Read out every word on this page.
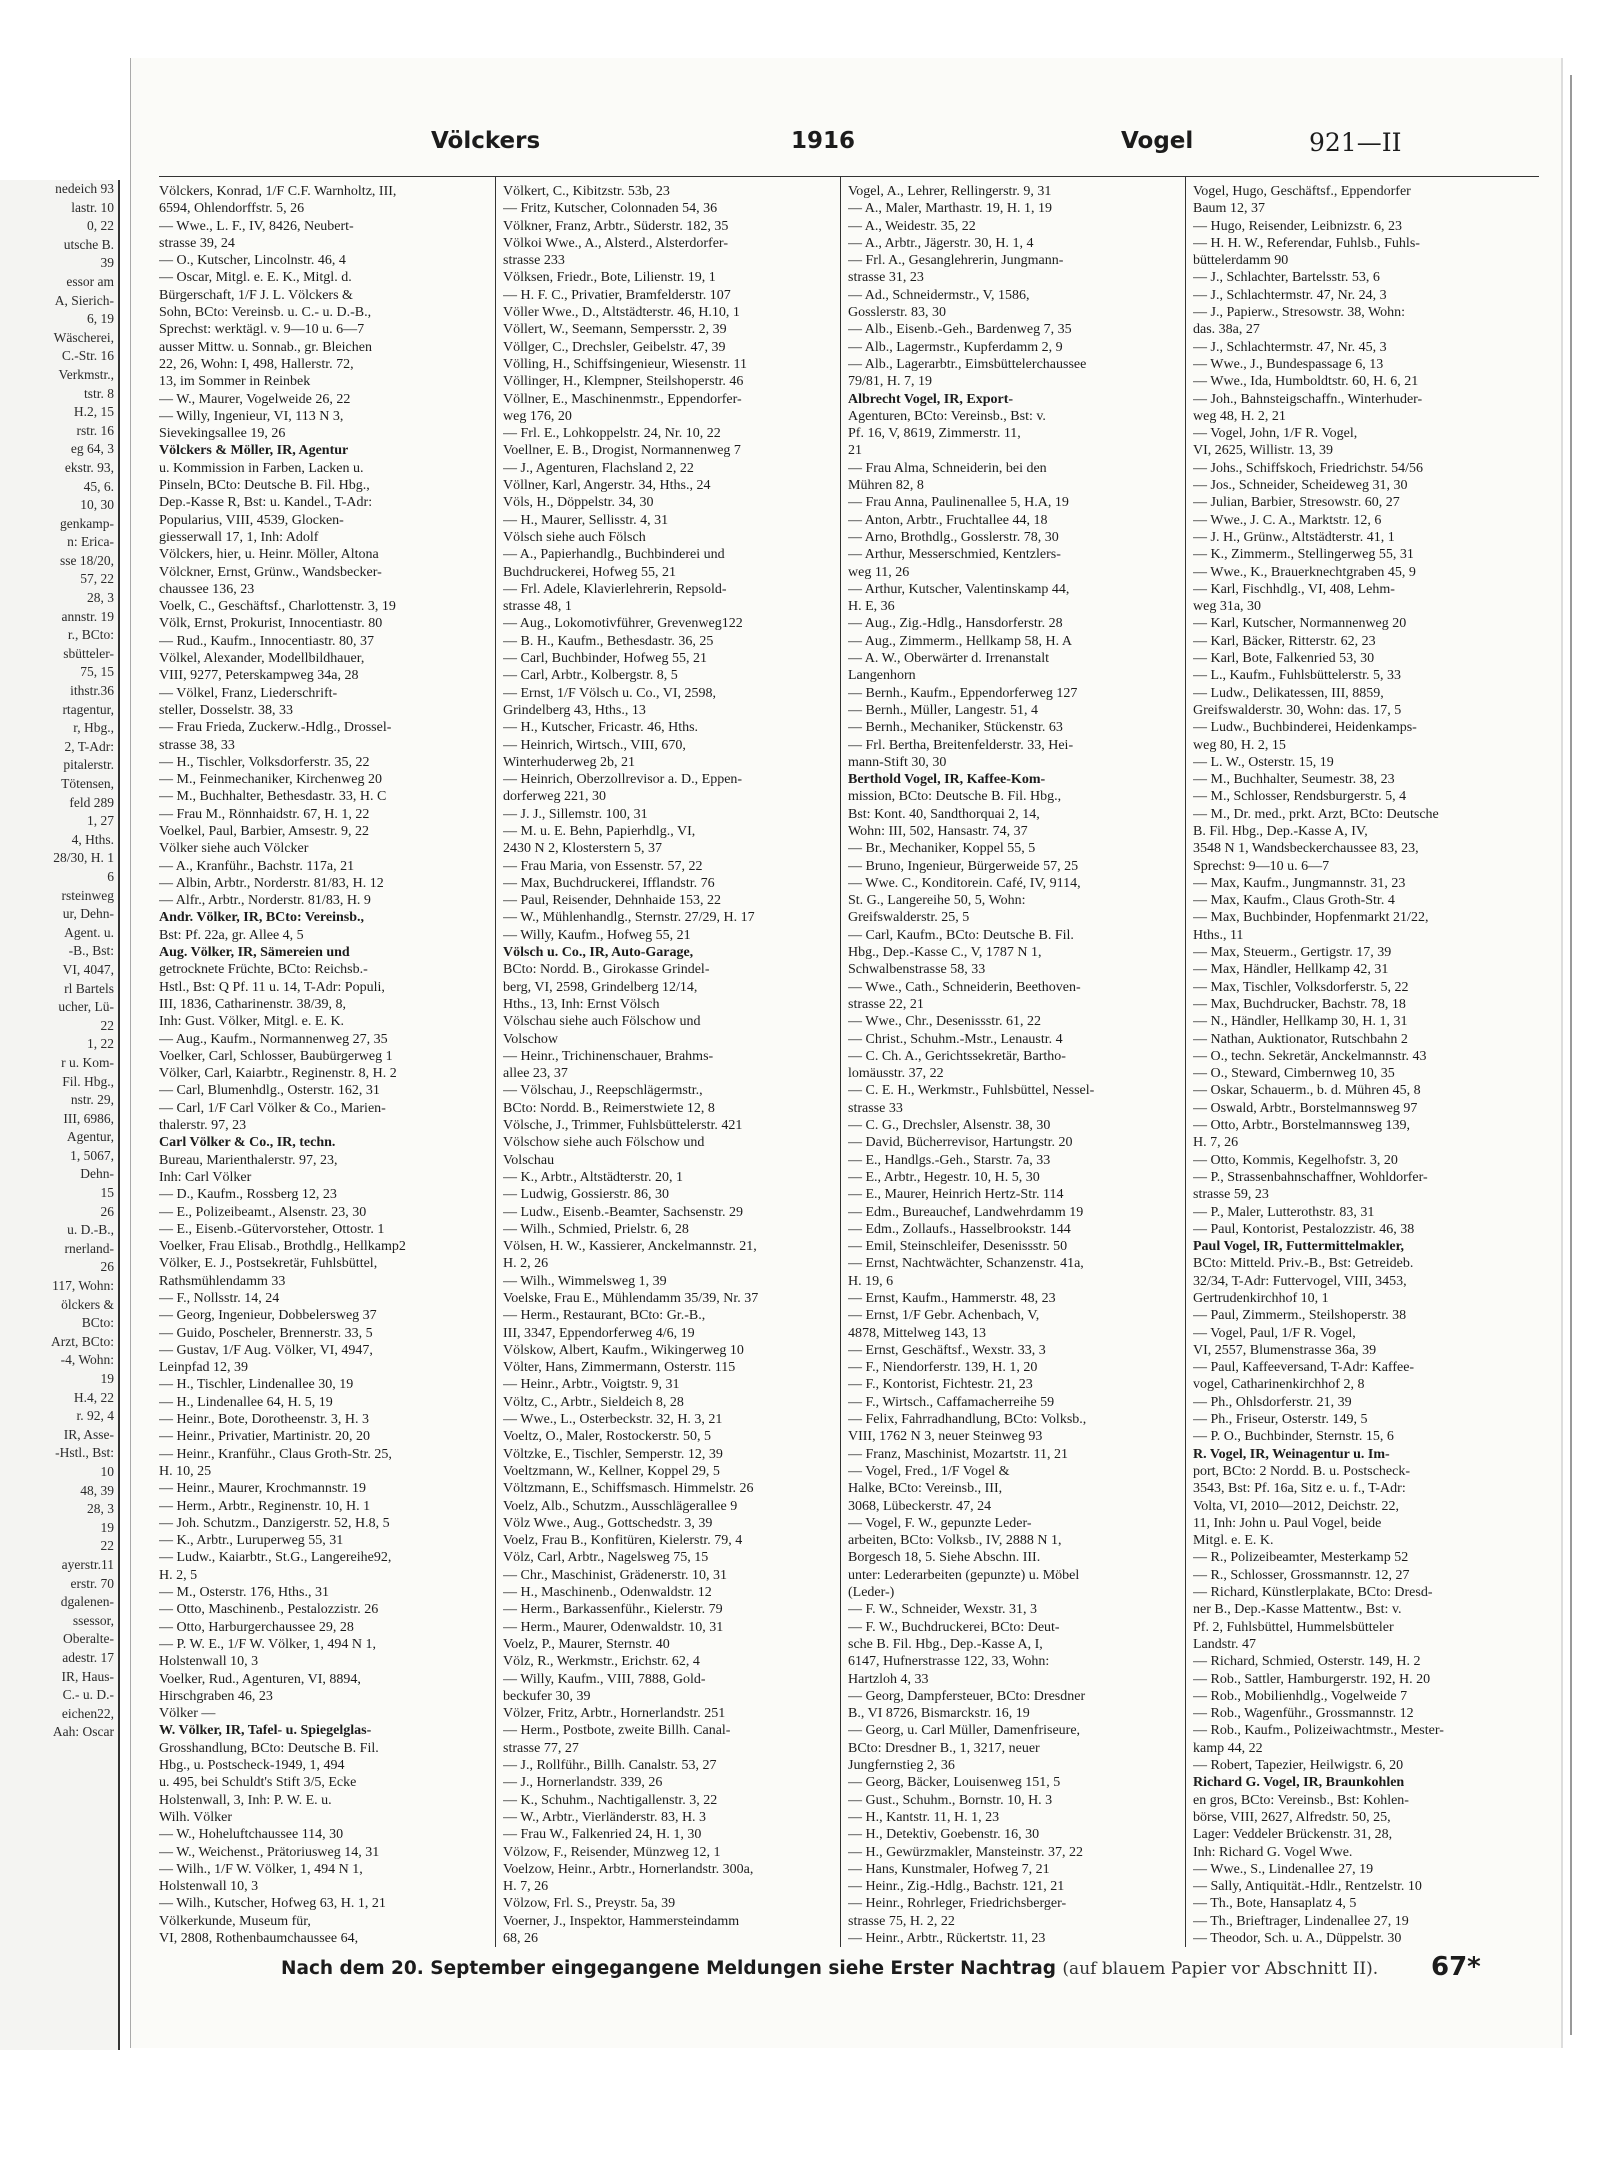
nedeich 93
lastr. 10
0, 22
utsche B.
39
essor am
A, Sierich-
6, 19
Wäscherei,
C.-Str. 16
Verkmstr.,
tstr. 8
H.2, 15
rstr. 16
eg 64, 3
ekstr. 93,
45, 6.
10, 30
genkamp-
n: Erica-
sse 18/20,
57, 22
28, 3
annstr. 19
r., BCto:
sbütteler-
75, 15
ithstr.36
rtagentur,
r, Hbg.,
2, T-Adr:
pitalerstr.
Tötensen,
feld 289
1, 27
4, Hths.
28/30, H. 1
6
rsteinweg
ur, Dehn-
Agent. u.
-B., Bst:
VI, 4047,
rl Bartels
ucher, Lü-
22
1, 22
r u. Kom-
Fil. Hbg.,
nstr. 29,
III, 6986,
Agentur,
1, 5067,
Dehn-
15
26
u. D.-B.,
rnerland-
26
117, Wohn:
ölckers &
BCto:
Arzt, BCto:
-4, Wohn:
19
H.4, 22
r. 92, 4
IR, Asse-
-Hstl., Bst:
10
48, 39
28, 3
19
22
ayerstr.11
erstr. 70
dgalenen-
ssessor,
Oberalte-
adestr. 17
IR, Haus-
C.- u. D.-
eichen22,
Aah: Oscar
Völckers	1916	Vogel	921—II
Völckers, Konrad, 1/F C.F. Warnholtz, III,
6594, Ohlendorffstr. 5, 26
— Wwe., L. F., IV, 8426, Neubert-
strasse 39, 24
— O., Kutscher, Lincolnstr. 46, 4
— Oscar, Mitgl. e. E. K., Mitgl. d.
Bürgerschaft, 1/F J. L. Völckers &
Sohn, BCto: Vereinsb. u. C.- u. D.-B.,
Sprechst: werktägl. v. 9—10 u. 6—7
ausser Mittw. u. Sonnab., gr. Bleichen
22, 26, Wohn: I, 498, Hallerstr. 72,
13, im Sommer in Reinbek
— W., Maurer, Vogelweide 26, 22
— Willy, Ingenieur, VI, 113 N 3,
Sievekingsallee 19, 26
Völckers & Möller, IR, Agentur
u. Kommission in Farben, Lacken u.
Pinseln, BCto: Deutsche B. Fil. Hbg.,
Dep.-Kasse R, Bst: u. Kandel., T-Adr:
Popularius, VIII, 4539, Glocken-
giesserwall 17, 1, Inh: Adolf
Völckers, hier, u. Heinr. Möller, Altona
Völckner, Ernst, Grünw., Wandsbecker-
chaussee 136, 23
Voelk, C., Geschäftsf., Charlottenstr. 3, 19
Völk, Ernst, Prokurist, Innocentiastr. 80
— Rud., Kaufm., Innocentiastr. 80, 37
Völkel, Alexander, Modellbildhauer,
VIII, 9277, Peterskampweg 34a, 28
— Völkel, Franz, Liederschrift-
steller, Dosselstr. 38, 33
— Frau Frieda, Zuckerw.-Hdlg., Drossel-
strasse 38, 33
— H., Tischler, Volksdorferstr. 35, 22
— M., Feinmechaniker, Kirchenweg 20
— M., Buchhalter, Bethesdastr. 33, H. C
— Frau M., Rönnhaidstr. 67, H. 1, 22
Voelkel, Paul, Barbier, Amsestr. 9, 22
Völker siehe auch Völcker
— A., Kranführ., Bachstr. 117a, 21
— Albin, Arbtr., Norderstr. 81/83, H. 12
— Alfr., Arbtr., Norderstr. 81/83, H. 9
Andr. Völker, IR, BCto: Vereinsb.,
Bst: Pf. 22a, gr. Allee 4, 5
Aug. Völker, IR, Sämereien und
getrocknete Früchte, BCto: Reichsb.-
Hstl., Bst: Q Pf. 11 u. 14, T-Adr: Populi,
III, 1836, Catharinenstr. 38/39, 8,
Inh: Gust. Völker, Mitgl. e. E. K.
— Aug., Kaufm., Normannenweg 27, 35
Voelker, Carl, Schlosser, Baubürgerweg 1
Völker, Carl, Kaiarbtr., Reginenstr. 8, H. 2
— Carl, Blumenhdlg., Osterstr. 162, 31
— Carl, 1/F Carl Völker & Co., Marien-
thalerstr. 97, 23
Carl Völker & Co., IR, techn.
Bureau, Marienthalerstr. 97, 23,
Inh: Carl Völker
— D., Kaufm., Rossberg 12, 23
— E., Polizeibeamt., Alsenstr. 23, 30
— E., Eisenb.-Gütervorsteher, Ottostr. 1
Voelker, Frau Elisab., Brothdlg., Hellkamp2
Völker, E. J., Postsekretär, Fuhlsbüttel,
Rathsmühlendamm 33
— F., Nollsstr. 14, 24
— Georg, Ingenieur, Dobbelersweg 37
— Guido, Poscheler, Brennerstr. 33, 5
— Gustav, 1/F Aug. Völker, VI, 4947,
Leinpfad 12, 39
— H., Tischler, Lindenallee 30, 19
— H., Lindenallee 64, H. 5, 19
— Heinr., Bote, Dorotheenstr. 3, H. 3
— Heinr., Privatier, Martinistr. 20, 20
— Heinr., Kranführ., Claus Groth-Str. 25,
H. 10, 25
— Heinr., Maurer, Krochmannstr. 19
— Herm., Arbtr., Reginenstr. 10, H. 1
— Joh. Schutzm., Danzigerstr. 52, H.8, 5
— K., Arbtr., Luruperweg 55, 31
— Ludw., Kaiarbtr., St.G., Langereihe92,
H. 2, 5
— M., Osterstr. 176, Hths., 31
— Otto, Maschinenb., Pestalozzistr. 26
— Otto, Harburgerchaussee 29, 28
— P. W. E., 1/F W. Völker, 1, 494 N 1,
Holstenwall 10, 3
Voelker, Rud., Agenturen, VI, 8894,
Hirschgraben 46, 23
Völker —
W. Völker, IR, Tafel- u. Spiegelglas-
Grosshandlung, BCto: Deutsche B. Fil.
Hbg., u. Postscheck-1949, 1, 494
u. 495, bei Schuldt's Stift 3/5, Ecke
Holstenwall, 3, Inh: P. W. E. u.
Wilh. Völker
— W., Hoheluftchaussee 114, 30
— W., Weichenst., Prätoriusweg 14, 31
— Wilh., 1/F W. Völker, 1, 494 N 1,
Holstenwall 10, 3
— Wilh., Kutscher, Hofweg 63, H. 1, 21
Völkerkunde, Museum für,
VI, 2808, Rothenbaumchaussee 64,
Völkert, C., Kibitzstr. 53b, 23
— Fritz, Kutscher, Colonnaden 54, 36
Völkner, Franz, Arbtr., Süderstr. 182, 35
Völkoi Wwe., A., Alsterd., Alsterdorfer-
strasse 233
Völksen, Friedr., Bote, Lilienstr. 19, 1
— H. F. C., Privatier, Bramfelderstr. 107
Völler Wwe., D., Altstädterstr. 46, H.10, 1
Völlert, W., Seemann, Sempersstr. 2, 39
Völlger, C., Drechsler, Geibelstr. 47, 39
Völling, H., Schiffsingenieur, Wiesenstr. 11
Völlinger, H., Klempner, Steilshoperstr. 46
Völlner, E., Maschinenmstr., Eppendorfer-
weg 176, 20
— Frl. E., Lohkoppelstr. 24, Nr. 10, 22
Voellner, E. B., Drogist, Normannenweg 7
— J., Agenturen, Flachsland 2, 22
Völlner, Karl, Angerstr. 34, Hths., 24
Völs, H., Döppelstr. 34, 30
— H., Maurer, Sellisstr. 4, 31
Völsch siehe auch Fölsch
— A., Papierhandlg., Buchbinderei und
Buchdruckerei, Hofweg 55, 21
— Frl. Adele, Klavierlehrerin, Repsold-
strasse 48, 1
— Aug., Lokomotivführer, Grevenweg122
— B. H., Kaufm., Bethesdastr. 36, 25
— Carl, Buchbinder, Hofweg 55, 21
— Carl, Arbtr., Kolbergstr. 8, 5
— Ernst, 1/F Völsch u. Co., VI, 2598,
Grindelberg 43, Hths., 13
— H., Kutscher, Fricastr. 46, Hths.
— Heinrich, Wirtsch., VIII, 670,
Winterhuderweg 2b, 21
— Heinrich, Oberzollrevisor a. D., Eppen-
dorferweg 221, 30
— J. J., Sillemstr. 100, 31
— M. u. E. Behn, Papierhdlg., VI,
2430 N 2, Klosterstern 5, 37
— Frau Maria, von Essenstr. 57, 22
— Max, Buchdruckerei, Ifflandstr. 76
— Paul, Reisender, Dehnhaide 153, 22
— W., Mühlenhandlg., Sternstr. 27/29, H. 17
— Willy, Kaufm., Hofweg 55, 21
Völsch u. Co., IR, Auto-Garage,
BCto: Nordd. B., Girokasse Grindel-
berg, VI, 2598, Grindelberg 12/14,
Hths., 13, Inh: Ernst Völsch
Völschau siehe auch Fölschow und
Volschow
— Heinr., Trichinenschauer, Brahms-
allee 23, 37
— Völschau, J., Reepschlägermstr.,
BCto: Nordd. B., Reimerstwiete 12, 8
Völsche, J., Trimmer, Fuhlsbüttelerstr. 421
Völschow siehe auch Fölschow und
Volschau
— K., Arbtr., Altstädterstr. 20, 1
— Ludwig, Gossierstr. 86, 30
— Ludw., Eisenb.-Beamter, Sachsenstr. 29
— Wilh., Schmied, Prielstr. 6, 28
Völsen, H. W., Kassierer, Anckelmannstr. 21,
H. 2, 26
— Wilh., Wimmelsweg 1, 39
Voelske, Frau E., Mühlendamm 35/39, Nr. 37
— Herm., Restaurant, BCto: Gr.-B.,
III, 3347, Eppendorferweg 4/6, 19
Völskow, Albert, Kaufm., Wikingerweg 10
Völter, Hans, Zimmermann, Osterstr. 115
— Heinr., Arbtr., Voigtstr. 9, 31
Völtz, C., Arbtr., Sieldeich 8, 28
— Wwe., L., Osterbeckstr. 32, H. 3, 21
Voeltz, O., Maler, Rostockerstr. 50, 5
Völtzke, E., Tischler, Semperstr. 12, 39
Voeltzmann, W., Kellner, Koppel 29, 5
Völtzmann, E., Schiffsmasch. Himmelstr. 26
Voelz, Alb., Schutzm., Ausschlägerallee 9
Völz Wwe., Aug., Gottschedstr. 3, 39
Voelz, Frau B., Konfitüren, Kielerstr. 79, 4
Völz, Carl, Arbtr., Nagelsweg 75, 15
— Chr., Maschinist, Grädenerstr. 10, 31
— H., Maschinenb., Odenwaldstr. 12
— Herm., Barkassenführ., Kielerstr. 79
— Herm., Maurer, Odenwaldstr. 10, 31
Voelz, P., Maurer, Sternstr. 40
Völz, R., Werkmstr., Erichstr. 62, 4
— Willy, Kaufm., VIII, 7888, Gold-
beckufer 30, 39
Völzer, Fritz, Arbtr., Hornerlandstr. 251
— Herm., Postbote, zweite Billh. Canal-
strasse 77, 27
— J., Rollführ., Billh. Canalstr. 53, 27
— J., Hornerlandstr. 339, 26
— K., Schuhm., Nachtigallenstr. 3, 22
— W., Arbtr., Vierländerstr. 83, H. 3
— Frau W., Falkenried 24, H. 1, 30
Völzow, F., Reisender, Münzweg 12, 1
Voelzow, Heinr., Arbtr., Hornerlandstr. 300a,
H. 7, 26
Völzow, Frl. S., Preystr. 5a, 39
Voerner, J., Inspektor, Hammersteindamm
68, 26
Vogel, A., Lehrer, Rellingerstr. 9, 31
— A., Maler, Marthastr. 19, H. 1, 19
— A., Weidestr. 35, 22
— A., Arbtr., Jägerstr. 30, H. 1, 4
— Frl. A., Gesanglehrerin, Jungmann-
strasse 31, 23
— Ad., Schneidermstr., V, 1586,
Gosslerstr. 83, 30
— Alb., Eisenb.-Geh., Bardenweg 7, 35
— Alb., Lagermstr., Kupferdamm 2, 9
— Alb., Lagerarbtr., Eimsbüttelerchaussee
79/81, H. 7, 19
Albrecht Vogel, IR, Export-
Agenturen, BCto: Vereinsb., Bst: v.
Pf. 16, V, 8619, Zimmerstr. 11,
21
— Frau Alma, Schneiderin, bei den
Mühren 82, 8
— Frau Anna, Paulinenallee 5, H.A, 19
— Anton, Arbtr., Fruchtallee 44, 18
— Arno, Brothdlg., Gosslerstr. 78, 30
— Arthur, Messerschmied, Kentzlers-
weg 11, 26
— Arthur, Kutscher, Valentinskamp 44,
H. E, 36
— Aug., Zig.-Hdlg., Hansdorferstr. 28
— Aug., Zimmerm., Hellkamp 58, H. A
— A. W., Oberwärter d. Irrenanstalt
Langenhorn
— Bernh., Kaufm., Eppendorferweg 127
— Bernh., Müller, Langestr. 51, 4
— Bernh., Mechaniker, Stückenstr. 63
— Frl. Bertha, Breitenfelderstr. 33, Hei-
mann-Stift 30, 30
Berthold Vogel, IR, Kaffee-Kom-
mission, BCto: Deutsche B. Fil. Hbg.,
Bst: Kont. 40, Sandthorquai 2, 14,
Wohn: III, 502, Hansastr. 74, 37
— Br., Mechaniker, Koppel 55, 5
— Bruno, Ingenieur, Bürgerweide 57, 25
— Wwe. C., Konditorein. Café, IV, 9114,
St. G., Langereihe 50, 5, Wohn:
Greifswalderstr. 25, 5
— Carl, Kaufm., BCto: Deutsche B. Fil.
Hbg., Dep.-Kasse C., V, 1787 N 1,
Schwalbenstrasse 58, 33
— Wwe., Cath., Schneiderin, Beethoven-
strasse 22, 21
— Wwe., Chr., Desenissstr. 61, 22
— Christ., Schuhm.-Mstr., Lenaustr. 4
— C. Ch. A., Gerichtssekretär, Bartho-
lomäusstr. 37, 22
— C. E. H., Werkmstr., Fuhlsbüttel, Nessel-
strasse 33
— C. G., Drechsler, Alsenstr. 38, 30
— David, Bücherrevisor, Hartungstr. 20
— E., Handlgs.-Geh., Starstr. 7a, 33
— E., Arbtr., Hegestr. 10, H. 5, 30
— E., Maurer, Heinrich Hertz-Str. 114
— Edm., Bureauchef, Landwehrdamm 19
— Edm., Zollaufs., Hasselbrookstr. 144
— Emil, Steinschleifer, Desenissstr. 50
— Ernst, Nachtwächter, Schanzenstr. 41a,
H. 19, 6
— Ernst, Kaufm., Hammerstr. 48, 23
— Ernst, 1/F Gebr. Achenbach, V,
4878, Mittelweg 143, 13
— Ernst, Geschäftsf., Wexstr. 33, 3
— F., Niendorferstr. 139, H. 1, 20
— F., Kontorist, Fichtestr. 21, 23
— F., Wirtsch., Caffamacherreihe 59
— Felix, Fahrradhandlung, BCto: Volksb.,
VIII, 1762 N 3, neuer Steinweg 93
— Franz, Maschinist, Mozartstr. 11, 21
— Vogel, Fred., 1/F Vogel &
Halke, BCto: Vereinsb., III,
3068, Lübeckerstr. 47, 24
— Vogel, F. W., gepunzte Leder-
arbeiten, BCto: Volksb., IV, 2888 N 1,
Borgesch 18, 5. Siehe Abschn. III.
unter: Lederarbeiten (gepunzte) u. Möbel
(Leder-)
— F. W., Schneider, Wexstr. 31, 3
— F. W., Buchdruckerei, BCto: Deut-
sche B. Fil. Hbg., Dep.-Kasse A, I,
6147, Hufnerstrasse 122, 33, Wohn:
Hartzloh 4, 33
— Georg, Dampfersteuer, BCto: Dresdner
B., VI 8726, Bismarckstr. 16, 19
— Georg, u. Carl Müller, Damenfriseure,
BCto: Dresdner B., 1, 3217, neuer
Jungfernstieg 2, 36
— Georg, Bäcker, Louisenweg 151, 5
— Gust., Schuhm., Bornstr. 10, H. 3
— H., Kantstr. 11, H. 1, 23
— H., Detektiv, Goebenstr. 16, 30
— H., Gewürzmakler, Mansteinstr. 37, 22
— Hans, Kunstmaler, Hofweg 7, 21
— Heinr., Zig.-Hdlg., Bachstr. 121, 21
— Heinr., Rohrleger, Friedrichsberger-
strasse 75, H. 2, 22
— Heinr., Arbtr., Rückertstr. 11, 23
Vogel, Hugo, Geschäftsf., Eppendorfer
Baum 12, 37
— Hugo, Reisender, Leibnizstr. 6, 23
— H. H. W., Referendar, Fuhlsb., Fuhls-
büttelerdamm 90
— J., Schlachter, Bartelsstr. 53, 6
— J., Schlachtermstr. 47, Nr. 24, 3
— J., Papierw., Stresowstr. 38, Wohn:
das. 38a, 27
— J., Schlachtermstr. 47, Nr. 45, 3
— Wwe., J., Bundespassage 6, 13
— Wwe., Ida, Humboldtstr. 60, H. 6, 21
— Joh., Bahnsteigschaffn., Winterhuder-
weg 48, H. 2, 21
— Vogel, John, 1/F R. Vogel,
VI, 2625, Willistr. 13, 39
— Johs., Schiffskoch, Friedrichstr. 54/56
— Jos., Schneider, Scheideweg 31, 30
— Julian, Barbier, Stresowstr. 60, 27
— Wwe., J. C. A., Marktstr. 12, 6
— J. H., Grünw., Altstädterstr. 41, 1
— K., Zimmerm., Stellingerweg 55, 31
— Wwe., K., Brauerknechtgraben 45, 9
— Karl, Fischhdlg., VI, 408, Lehm-
weg 31a, 30
— Karl, Kutscher, Normannenweg 20
— Karl, Bäcker, Ritterstr. 62, 23
— Karl, Bote, Falkenried 53, 30
— L., Kaufm., Fuhlsbüttelerstr. 5, 33
— Ludw., Delikatessen, III, 8859,
Greifswalderstr. 30, Wohn: das. 17, 5
— Ludw., Buchbinderei, Heidenkamps-
weg 80, H. 2, 15
— L. W., Osterstr. 15, 19
— M., Buchhalter, Seumestr. 38, 23
— M., Schlosser, Rendsburgerstr. 5, 4
— M., Dr. med., prkt. Arzt, BCto: Deutsche
B. Fil. Hbg., Dep.-Kasse A, IV,
3548 N 1, Wandsbeckerchaussee 83, 23,
Sprechst: 9—10 u. 6—7
— Max, Kaufm., Jungmannstr. 31, 23
— Max, Kaufm., Claus Groth-Str. 4
— Max, Buchbinder, Hopfenmarkt 21/22,
Hths., 11
— Max, Steuerm., Gertigstr. 17, 39
— Max, Händler, Hellkamp 42, 31
— Max, Tischler, Volksdorferstr. 5, 22
— Max, Buchdrucker, Bachstr. 78, 18
— N., Händler, Hellkamp 30, H. 1, 31
— Nathan, Auktionator, Rutschbahn 2
— O., techn. Sekretär, Anckelmannstr. 43
— O., Steward, Cimbernweg 10, 35
— Oskar, Schauerm., b. d. Mühren 45, 8
— Oswald, Arbtr., Borstelmannsweg 97
— Otto, Arbtr., Borstelmannsweg 139,
H. 7, 26
— Otto, Kommis, Kegelhofstr. 3, 20
— P., Strassenbahnschaffner, Wohldorfer-
strasse 59, 23
— P., Maler, Lutterothstr. 83, 31
— Paul, Kontorist, Pestalozzistr. 46, 38
Paul Vogel, IR, Futtermittelmakler,
BCto: Mitteld. Priv.-B., Bst: Getreideb.
32/34, T-Adr: Futtervogel, VIII, 3453,
Gertrudenkirchhof 10, 1
— Paul, Zimmerm., Steilshoperstr. 38
— Vogel, Paul, 1/F R. Vogel,
VI, 2557, Blumenstrasse 36a, 39
— Paul, Kaffeeversand, T-Adr: Kaffee-
vogel, Catharinenkirchhof 2, 8
— Ph., Ohlsdorferstr. 21, 39
— Ph., Friseur, Osterstr. 149, 5
— P. O., Buchbinder, Sternstr. 15, 6
R. Vogel, IR, Weinagentur u. Im-
port, BCto: 2 Nordd. B. u. Postscheck-
3543, Bst: Pf. 16a, Sitz e. u. f., T-Adr:
Volta, VI, 2010—2012, Deichstr. 22,
11, Inh: John u. Paul Vogel, beide
Mitgl. e. E. K.
— R., Polizeibeamter, Mesterkamp 52
— R., Schlosser, Grossmannstr. 12, 27
— Richard, Künstlerplakate, BCto: Dresd-
ner B., Dep.-Kasse Mattentw., Bst: v.
Pf. 2, Fuhlsbüttel, Hummelsbütteler
Landstr. 47
— Richard, Schmied, Osterstr. 149, H. 2
— Rob., Sattler, Hamburgerstr. 192, H. 20
— Rob., Mobilienhdlg., Vogelweide 7
— Rob., Wagenführ., Grossmannstr. 12
— Rob., Kaufm., Polizeiwachtmstr., Mester-
kamp 44, 22
— Robert, Tapezier, Heilwigstr. 6, 20
Richard G. Vogel, IR, Braunkohlen
en gros, BCto: Vereinsb., Bst: Kohlen-
börse, VIII, 2627, Alfredstr. 50, 25,
Lager: Veddeler Brückenstr. 31, 28,
Inh: Richard G. Vogel Wwe.
— Wwe., S., Lindenallee 27, 19
— Sally, Antiquität.-Hdlr., Rentzelstr. 10
— Th., Bote, Hansaplatz 4, 5
— Th., Brieftrager, Lindenallee 27, 19
— Theodor, Sch. u. A., Düppelstr. 30
Nach dem 20. September eingegangene Meldungen siehe Erster Nachtrag (auf blauem Papier vor Abschnitt II).	67*
